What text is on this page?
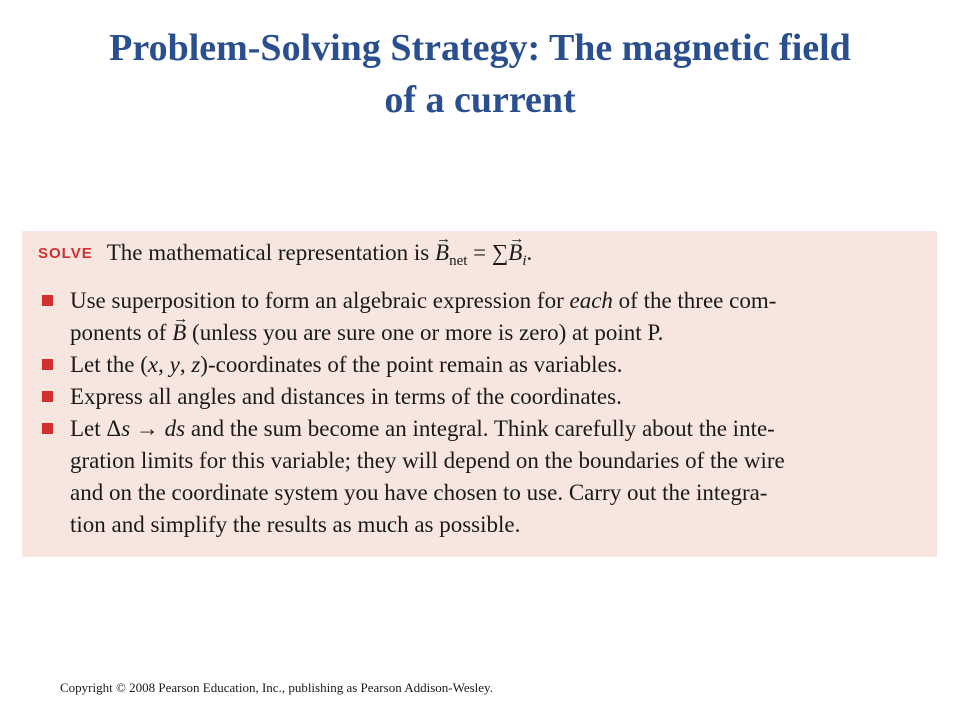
Problem-Solving Strategy: The magnetic field
of a current
SOLVE The mathematical representation is → $B_{net}$ = ∑→ $B_i$.
Use superposition to form an algebraic expression for each of the three com-
ponents of → B (unless you are sure one or more is zero) at point P.
Let the (x, y, z)-coordinates of the point remain as variables.
Express all angles and distances in terms of the coordinates.
Let Δs → ds and the sum become an integral. Think carefully about the inte-
gration limits for this variable; they will depend on the boundaries of the wire
and on the coordinate system you have chosen to use. Carry out the integra-
tion and simplify the results as much as possible.
Copyright © 2008 Pearson Education, Inc., publishing as Pearson Addison-Wesley.
